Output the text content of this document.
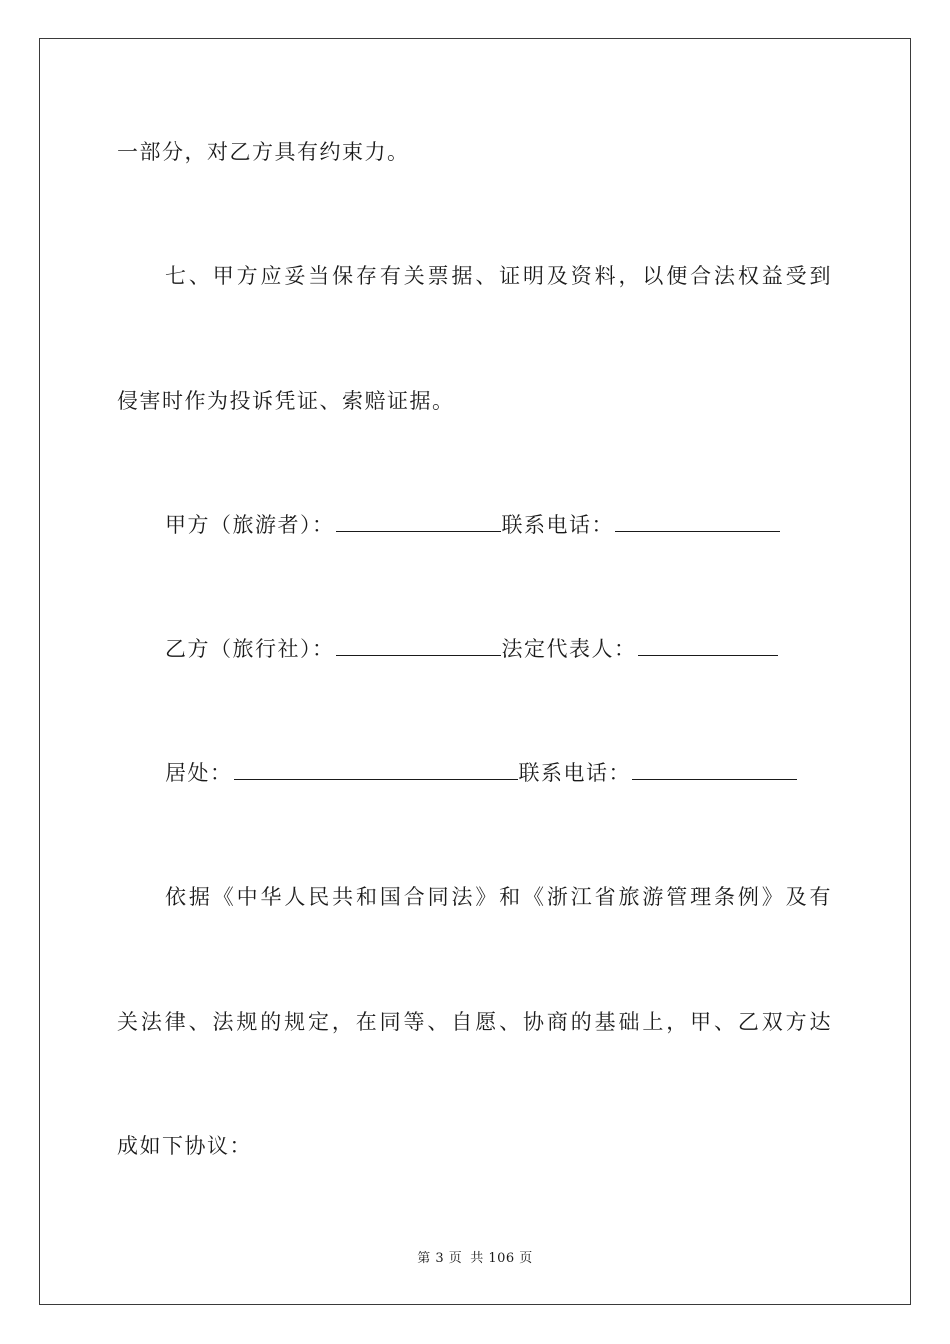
一部分，对乙方具有约束力。
七、甲方应妥当保存有关票据、证明及资料，以便合法权益受到
侵害时作为投诉凭证、索赔证据。
甲方（旅游者）：	联系电话：
乙方（旅行社）：	法定代表人：
居处：	联系电话：
依据《中华人民共和国合同法》和《浙江省旅游管理条例》及有
关法律、法规的规定，在同等、自愿、协商的基础上，甲、乙双方达
成如下协议：
第 3 页 共 106 页
